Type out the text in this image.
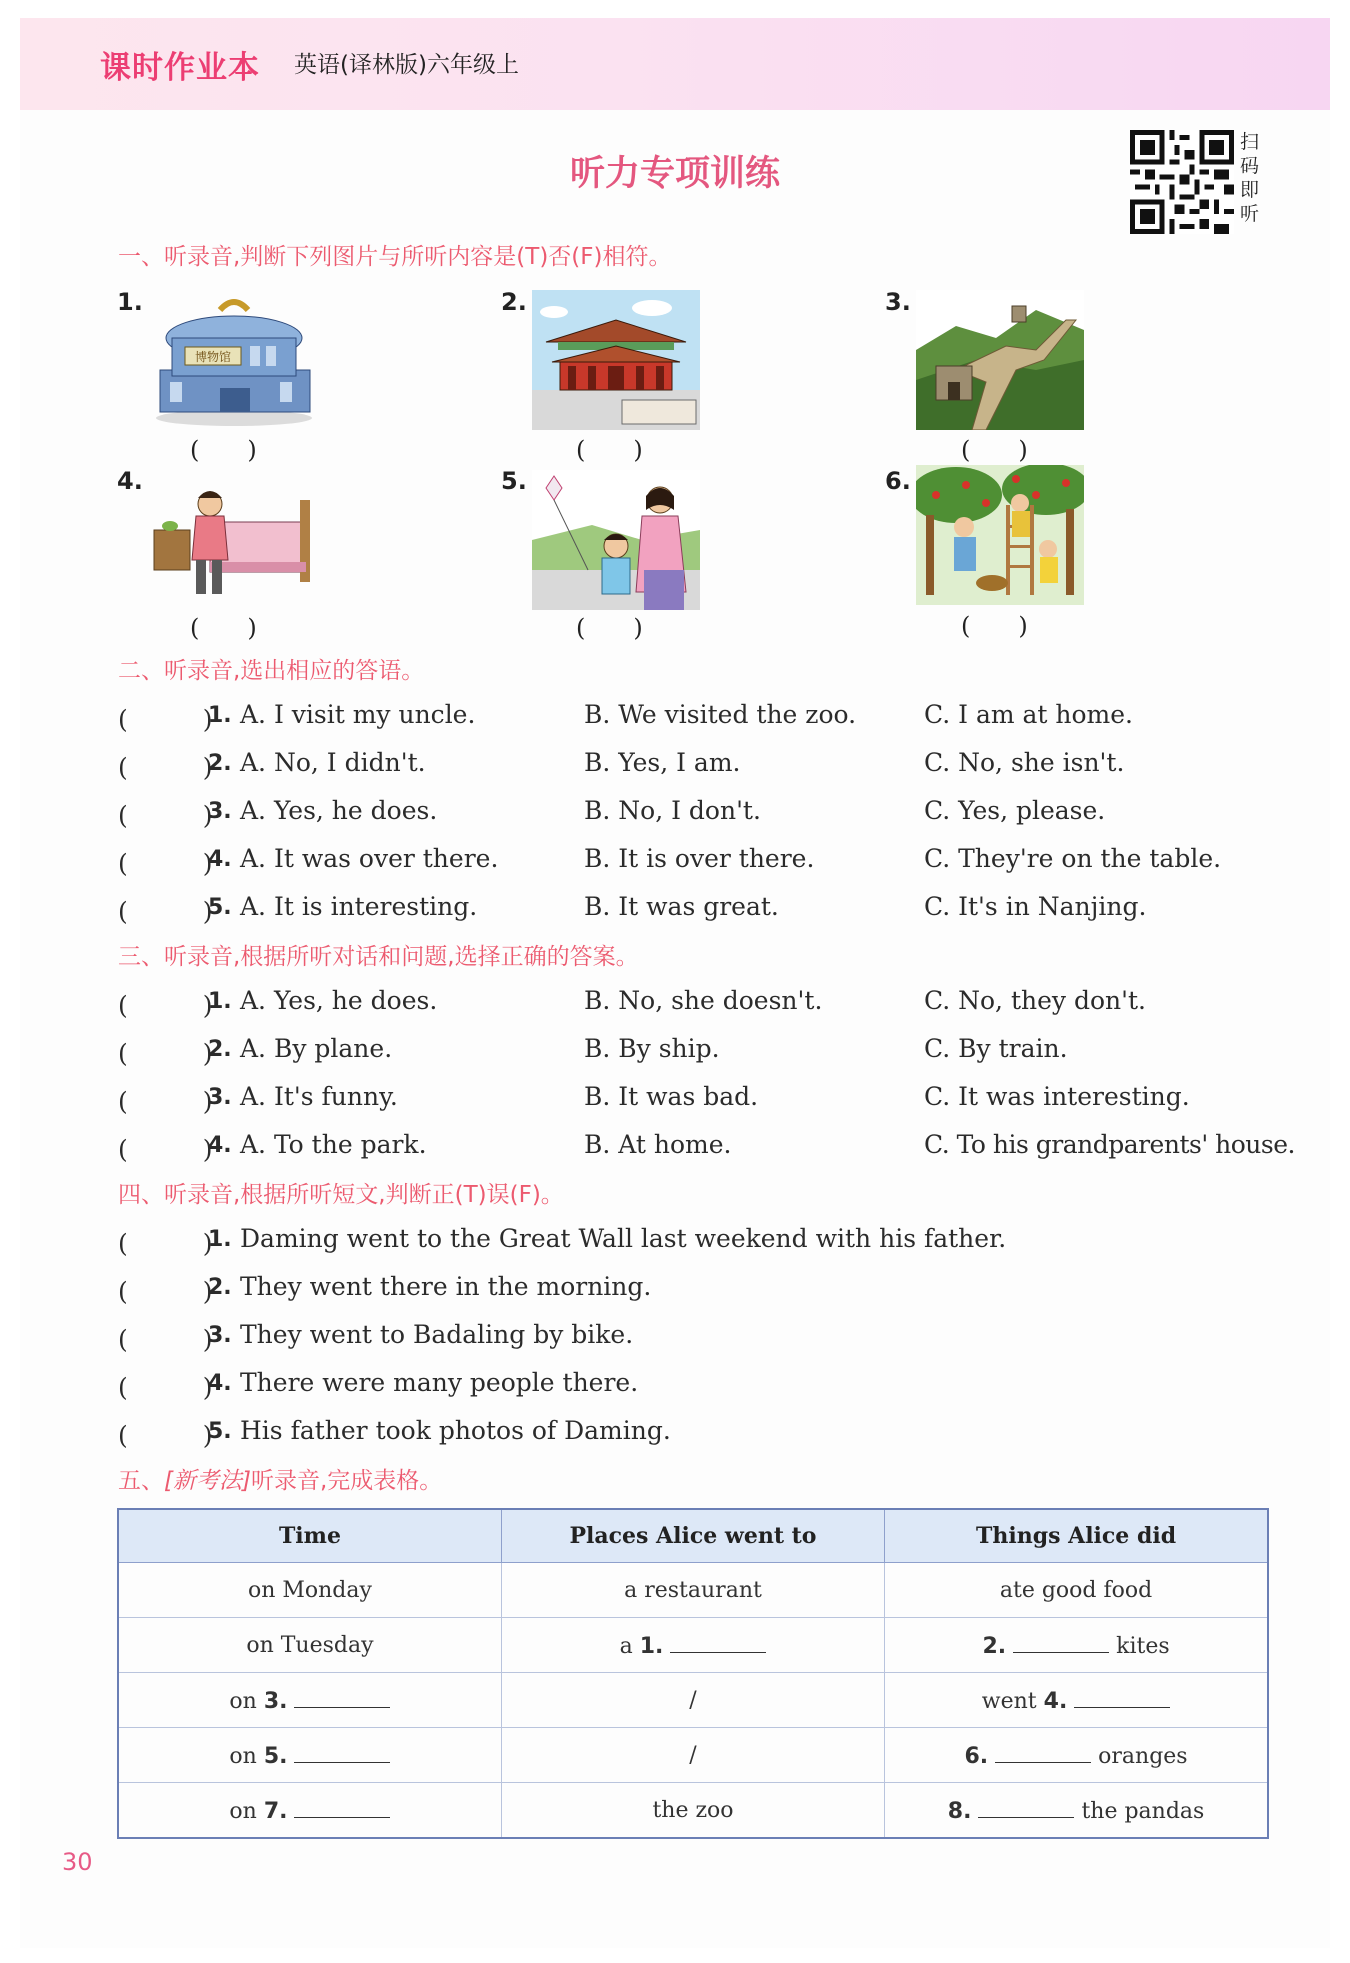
课时作业本 英语(译林版)六年级上
听力专项训练
扫
码
即
听
一、听录音,判断下列图片与所听内容是(T)否(F)相符。
1.
博物馆
(　　)
2.
(　　)
3.
(　　)
4.
(　　)
5.
(　　)
6.
(　　)
二、听录音,选出相应的答语。
(　　　)
1. A. I visit my uncle.	B. We visited the zoo.	C. I am at home.
(　　　)
2. A. No, I didn't.	B. Yes, I am.	C. No, she isn't.
(　　　)
3. A. Yes, he does.	B. No, I don't.	C. Yes, please.
(　　　)
4. A. It was over there.	B. It is over there.	C. They're on the table.
(　　　)
5. A. It is interesting.	B. It was great.	C. It's in Nanjing.
三、听录音,根据所听对话和问题,选择正确的答案。
(　　　)
1. A. Yes, he does.	B. No, she doesn't.	C. No, they don't.
(　　　)
2. A. By plane.	B. By ship.	C. By train.
(　　　)
3. A. It's funny.	B. It was bad.	C. It was interesting.
(　　　)
4. A. To the park.	B. At home.	C. To his grandparents' house.
四、听录音,根据所听短文,判断正(T)误(F)。
(　　　)
1. Daming went to the Great Wall last weekend with his father.
(　　　)
2. They went there in the morning.
(　　　)
3. They went to Badaling by bike.
(　　　)
4. There were many people there.
(　　　)
5. His father took photos of Daming.
五、[新考法]听录音,完成表格。
Time	Places Alice went to	Things Alice did
on Monday	a restaurant	ate good food
on Tuesday	a 1.	2. kites
on 3.	/	went 4.
on 5.	/	6. oranges
on 7.	the zoo	8. the pandas
30
